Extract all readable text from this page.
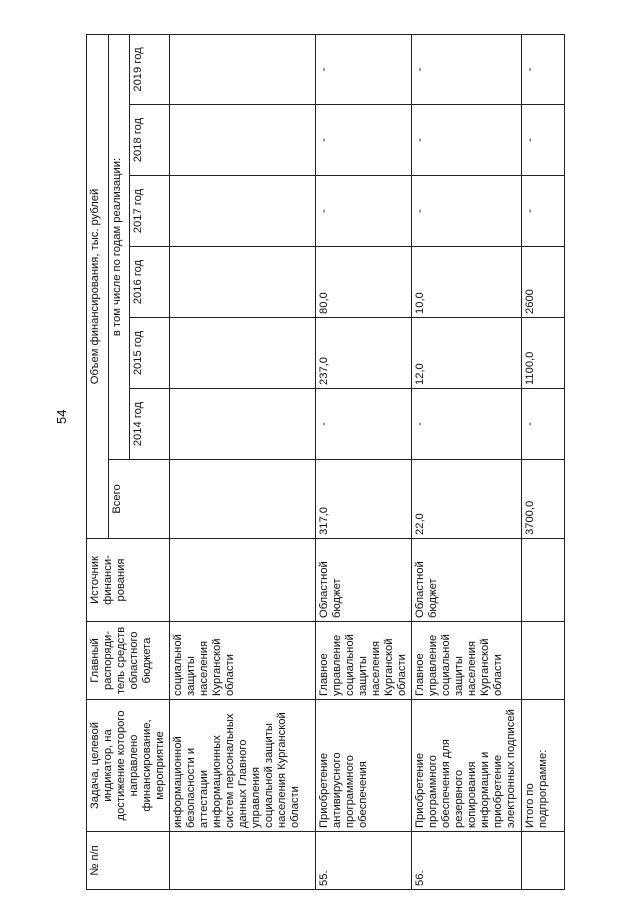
54
№ п/п	Задача, целевой индикатор, на достижение которого направлено финансирование, мероприятие	Главный распоряди-тель средств областного бюджета	Источник финанси-рования	Объем финансирования, тыс. рублей						
				Всего	в том числе по годам реализации:					
					2014 год	2015 год	2016 год	2017 год	2018 год	2019 год
	информационной безопасности и аттестации информационных систем персональных данных Главного управления социальной защиты населения Курганской области	социальной защиты населения Курганской области								
55.	Приобретение антивирусного программного обеспечения	Главное управление социальной защиты населения Курганской области	Областной бюджет	317,0	-	237,0	80,0	-	-	-
56.	Приобретение программного обеспечения для резервного копирования информации и приобретение электронных подписей	Главное управление социальной защиты населения Курганской области	Областной бюджет	22,0	-	12,0	10,0	-	-	-
	Итого по подпрограмме:			3700,0	-	1100,0	2600	-	-	-
